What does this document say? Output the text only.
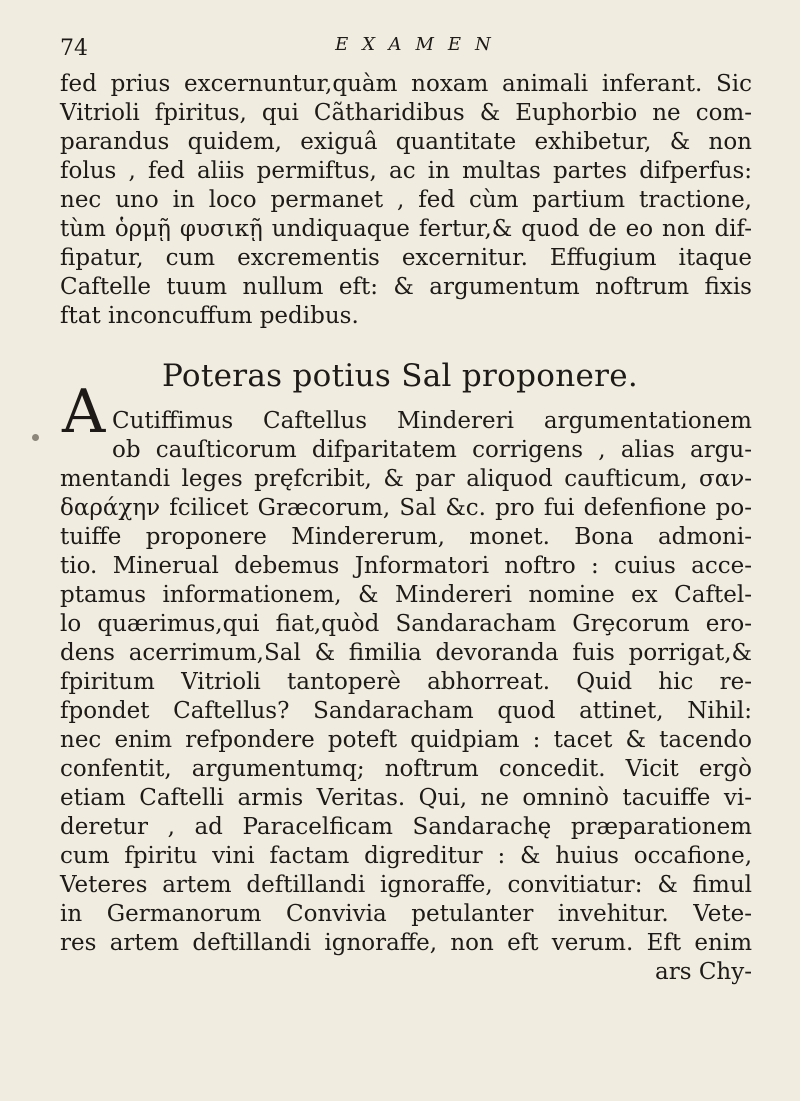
74	EXAMEN
fed prius excernuntur,quàm noxam animali inferant. Sic
Vitrioli fpiritus, qui Cãtharidibus & Euphorbio ne com-
parandus quidem, exiguâ quantitate exhibetur, & non
folus , fed aliis permiftus, ac in multas partes difperfus:
nec uno in loco permanet , fed cùm partium tractione,
tùm ὁρμῇ φυσικῇ undiquaque fertur,& quod de eo non dif-
fipatur, cum excrementis excernitur. Effugium itaque
Caftelle tuum nullum eft: & argumentum noftrum fixis
ftat inconcuffum pedibus.
Poteras potius Sal proponere.
A Cutiffimus Caftellus Mindereri argumentationem
ob cauſticorum difparitatem corrigens , alias argu-
mentandi leges pręfcribit, & par aliquod caufticum, σαν-
δαράχην fcilicet Græcorum, Sal &c. pro fui defenfione po-
tuiffe proponere Mindererum, monet. Bona admoni-
tio. Minerual debemus Jnformatori noftro : cuius acce-
ptamus informationem, & Mindereri nomine ex Caftel-
lo quærimus,qui fiat,quòd Sandaracham Grȩcorum ero-
dens acerrimum,Sal & fimilia devoranda fuis porrigat,&
fpiritum Vitrioli tantoperè abhorreat. Quid hic re-
fpondet Caftellus? Sandaracham quod attinet, Nihil:
nec enim refpondere poteft quidpiam : tacet & tacendo
confentit, argumentumq; noftrum concedit. Vicit ergò
etiam Caftelli armis Veritas. Qui, ne omninò tacuiffe vi-
deretur , ad Paracelficam Sandarachę præparationem
cum fpiritu vini factam digreditur : & huius occafione,
Veteres artem deftillandi ignoraffe, convitiatur: & fimul
in Germanorum Convivia petulanter invehitur. Vete-
res artem deftillandi ignoraffe, non eft verum. Eft enim
ars Chy-
